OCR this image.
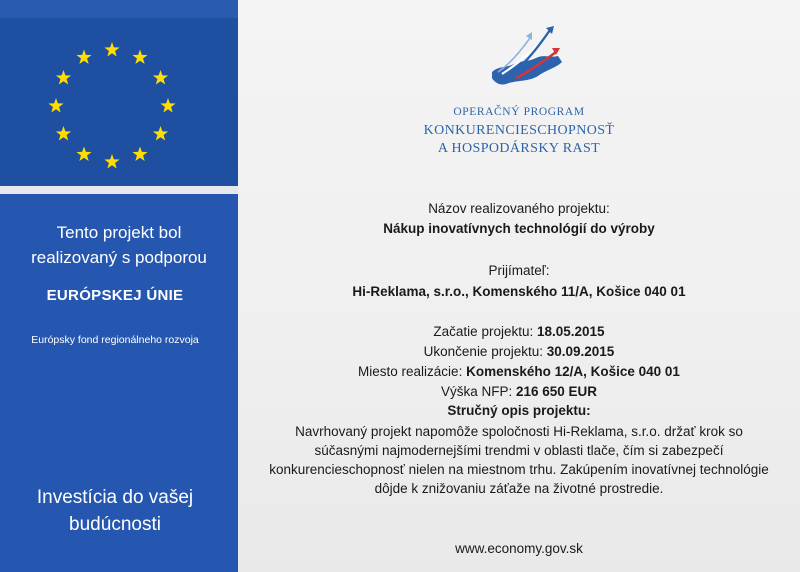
Tento projekt bol realizovaný s podporou
EURÓPSKEJ ÚNIE
Európsky fond regionálneho rozvoja
Investícia do vašej budúcnosti
OPERAČNÝ PROGRAM
KONKURENCIESCHOPNOSŤ
A HOSPODÁRSKY RAST
Názov realizovaného projektu:
Nákup inovatívnych technológií do výroby
Prijímateľ:
Hi-Reklama, s.r.o., Komenského 11/A, Košice 040 01
Začatie projektu: 18.05.2015
Ukončenie projektu: 30.09.2015
Miesto realizácie: Komenského 12/A, Košice 040 01
Výška NFP: 216 650 EUR
Stručný opis projektu:
Navrhovaný projekt napomôže spoločnosti Hi-Reklama, s.r.o. držať krok so súčasnými najmodernejšími trendmi v oblasti tlače, čím si zabezpečí konkurencieschopnosť nielen na miestnom trhu. Zakúpením inovatívnej technológie dôjde k znižovaniu záťaže na životné prostredie.
www.economy.gov.sk
